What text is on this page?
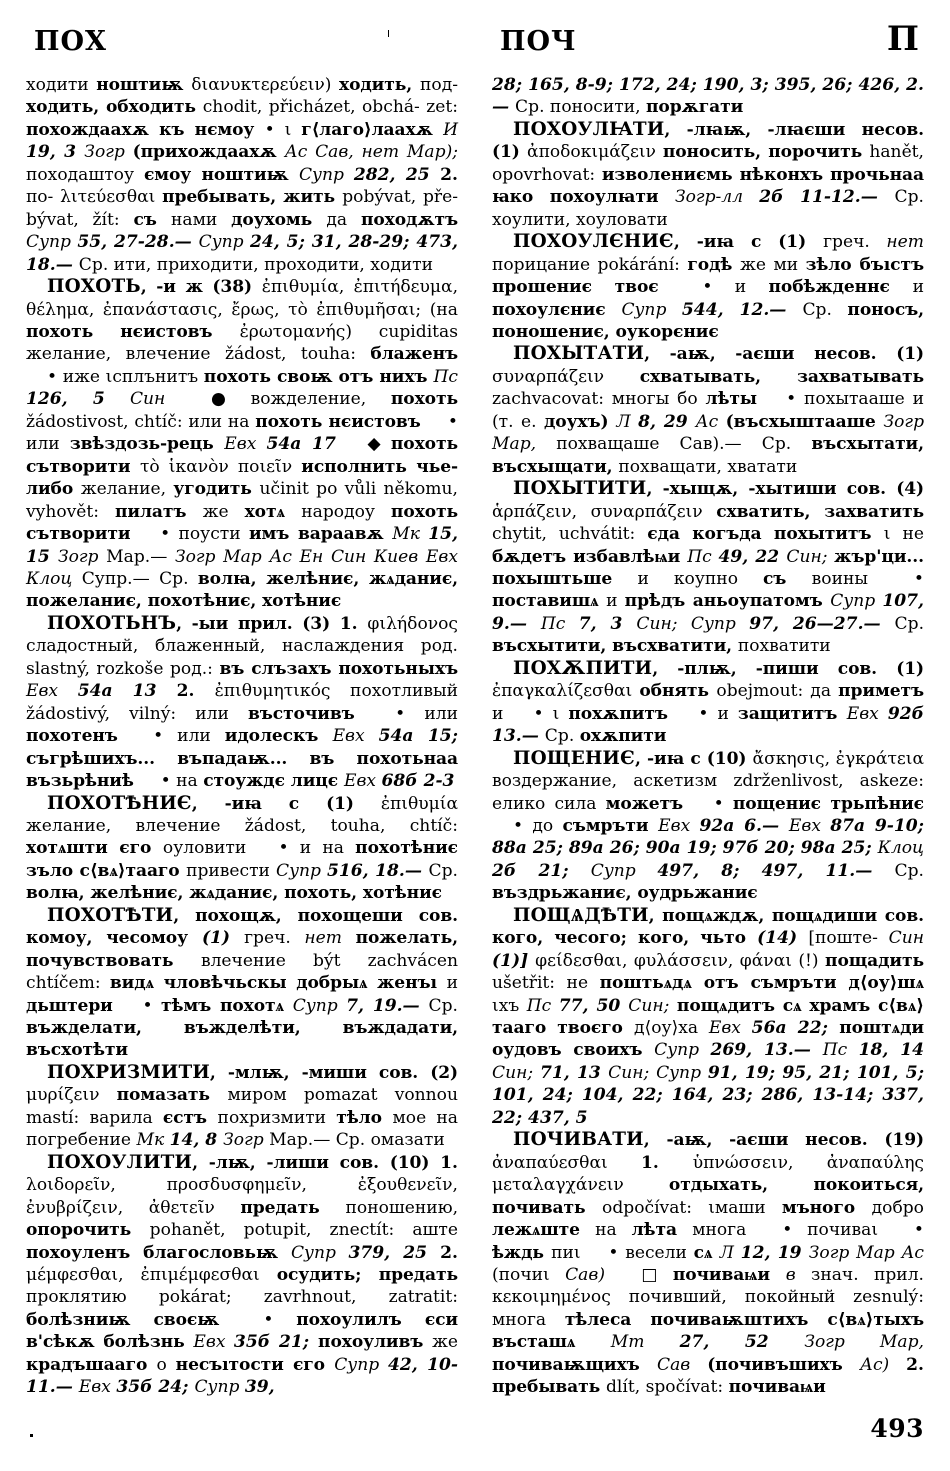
ПОХ	ПОЧ	П

ходити ноштиѭ διανυκτερεύειν) ходить, под- ходить, обходить chodit, přicházet, obchá- zet: похождаахѫ къ нємоу • ι г⟨лаго⟩лаахѫ И 19, 3 Зогр (прихождаахѫ Ас Сав, нет Мар); походаштоу ємоу ноштиѭ Супр 282, 25 2. πο- λιτεύεσθαι пребывать, жить pobývat, pře- bývat, žít: съ нами доухомь да походѫтъ Супр 55, 27-28.— Супр 24, 5; 31, 28-29; 473, 18.— Ср. ити, приходити, проходити, ходити

ПОХОТЬ, -и ж (38) ἐπιθυμία, ἐπιτήδευμα, θέλημα, ἐπανάστασις, ἔρως, τὸ ἐπιθυμῆσαι; (на похоть нєистовъ ἐρωτομανής) cupiditas желание, влечение žádost, touha: блаженъ • иже ιсплънитъ похоть своѭ отъ нихъ Пс 126, 5 Син ● вожделение, похоть žádostivost, chtíč: или на похоть нєистовъ • или звѣздозь-рець Евх 54а 17 ◆ похоть сътворити τὸ ἱκανὸν ποιεῖν исполнить чье-либо желание, угодить učinit po vůli někomu, vyhovět: пилатъ же хотѧ народоу похоть сътворити • поусти имъ вараавѫ Мк 15, 15 Зогр Мар.— Зогр Мар Ас Ен Син Киев Евх Клоц Супр.— Ср. волꙗ, желѣниє, жѧданиє, пожеланиє, похотѣниє, хотѣниє

ПОХОТЬНЪ, -ыи прил. (3) 1. φιλήδονος сладостный, блаженный, наслаждения род. slastný, rozkoše род.: въ слъзахъ похотьныхъ Евх 54а 13 2. ἐπιθυμητικός похотливый žádostivý, vilný: или въсточивъ • или похотенъ • или идолескъ Евх 54а 15; съгрѣшихъ... въпадаѭ... въ похотьнаа възьрѣниѣ • на стоуждє лицє Евх 68б 2-3

ПОХОТѢНИЄ, -иꙗ с (1) ἐπιθυμία желание, влечение žádost, touha, chtíč: хотѧшти єго оуловити • и на похотѣниє зъло с⟨вѧ⟩тааго привести Супр 516, 18.— Ср. волꙗ, желѣниє, жѧданиє, похоть, хотѣниє

ПОХОТѢТИ, похощѫ, похощеши сов. комоу, чесомоу (1) греч. нет пожелать, почувствовать влечение být zachvácen chtíčem: видѧ чловѣчьскы добрыѧ женъı и дьштери • тѣмъ похотѧ Супр 7, 19.— Ср. въжделати, въжделѣти, въждадати, въсхотѣти

ПОХРИЗМИТИ, -млѭ, -миши сов. (2) μυρίζειν помазать миром pomazat vonnou mastí: варила єстъ похризмити тѣло мое на погребение Мк 14, 8 Зогр Мар.— Ср. омазати

ПОХОУЛИТИ, -лѭ, -лиши сов. (10) 1. λοιδορεῖν, προσδυσφημεῖν, ἐξουθενεῖν, ἐνυβρίζειν, ἀθετεῖν предать поношению, опорочить pohanět, potupit, znectít: аште похоуленъ благословьѭ Супр 379, 25 2. μέμφεσθαι, ἐπιμέμφεσθαι осудить; предать проклятию pokárat; zavrhnout, zatratit: болѣзниѭ своєѭ • похоулилъ єси в'сѣкѫ болѣзнь Евх 35б 21; похоуливъ же крадъшааго о несъıтости єго Супр 42, 10-11.— Евх 35б 24; Супр 39,

28; 165, 8-9; 172, 24; 190, 3; 395, 26; 426, 2.— Ср. поносити, порѫгати

ПОХОУЛꙖТИ, -лꙗѭ, -лꙗєши несов. (1) ἀποδοκιμάζειν поносить, порочить hanět, opovrhovat: изволениємь нѣконхъ прочьнаа ꙗко похоулꙗти Зогр-лл 2б 11-12.— Ср. хоулити, хоуловати

ПОХОУЛЄНИЄ, -иꙗ с (1) греч. нет порицание pokárání: годѣ же ми зѣло бъıстъ прошениє твоє • и побѣжденнє и похоулєниє Супр 544, 12.— Ср. поносъ, поношениє, оукорєниє

ПОХЫТАТИ, -аѭ, -аєши несов. (1) συναρπάζειν схватывать, захватывать zachvacovat: многы бо лѣты • похытааше и (т. е. доухъ) Л 8, 29 Ас (въсхыштааше Зогр Мар, похващаше Сав).— Ср. въсхытати, въсхыщати, похващати, хватати

ПОХЫТИТИ, -хыщѫ, -хытиши сов. (4) ἁρπάζειν, συναρπάζειν схватить, захватить chytit, uchvátit: єда когъда похытитъ ι не бѫдетъ избавлѣѩи Пс 49, 22 Син; жър'ци... похыштьше и коупно съ воины • поставишѧ и прѣдъ аньоупатомъ Супр 107, 9.— Пс 7, 3 Син; Супр 97, 26—27.— Ср. въсхытити, въсхватити, похватити

ПОХѪПИТИ, -плѭ, -пиши сов. (1) ἐπαγκαλίζεσθαι обнять obejmout: да приметъ и • ι похѫпитъ • и защититъ Евх 92б 13.— Ср. охѫпити

ПОЩЕНИЄ, -иꙗ с (10) ἄσκησις, ἐγκράτεια воздержание, аскетизм zdrženlivost, askeze: елико сила можетъ • пощениє трьпѣниє • до съмръти Евх 92а 6.— Евх 87а 9-10; 88а 25; 89а 26; 90а 19; 97б 20; 98а 25; Клоц 2б 21; Супр 497, 8; 497, 11.— Ср. въздрьжаниє, оудрьжаниє

ПОЩѦДѢТИ, пощѧждѫ, пощѧдиши сов. кого, чесого; кого, чьто (14) [поште- Син (1)] φείδεσθαι, φυλάσσειν, φάναι (!) пощадить ušetřit: не поштьѧдѧ отъ съмръти д⟨оу⟩шѧ ιхъ Пс 77, 50 Син; пощѧдитъ сѧ храмъ с⟨вѧ⟩тааго твоєго д⟨оу⟩ха Евх 56а 22; поштѧди оудовъ своихъ Супр 269, 13.— Пс 18, 14 Син; 71, 13 Син; Супр 91, 19; 95, 21; 101, 5; 101, 24; 104, 22; 164, 23; 286, 13-14; 337, 22; 437, 5

ПОЧИВАТИ, -аѭ, -аєши несов. (19) ἀναπαύεσθαι 1. ὑπνώσσειν, ἀναπαύλης μεταλαγχάνειν отдыхать, покоиться, почивать odpočívat: ιмаши мъного добро лежѧште на лѣта многа • почиваι • ѣждь пиι • весели сѧ Л 12, 19 Зогр Мар Ас (почиι Сав) □ почиваѩи в знач. прил. κεκοιμημένος почивший, покойный zesnulý: многа тѣлеса почиваѭштихъ с⟨вѧ⟩тыхъ въсташѧ Мт 27, 52 Зогр Мар, почиваѭщихъ Сав (почивъшихъ Ас) 2. пребывать dlít, spočívat: почиваѩи

493
